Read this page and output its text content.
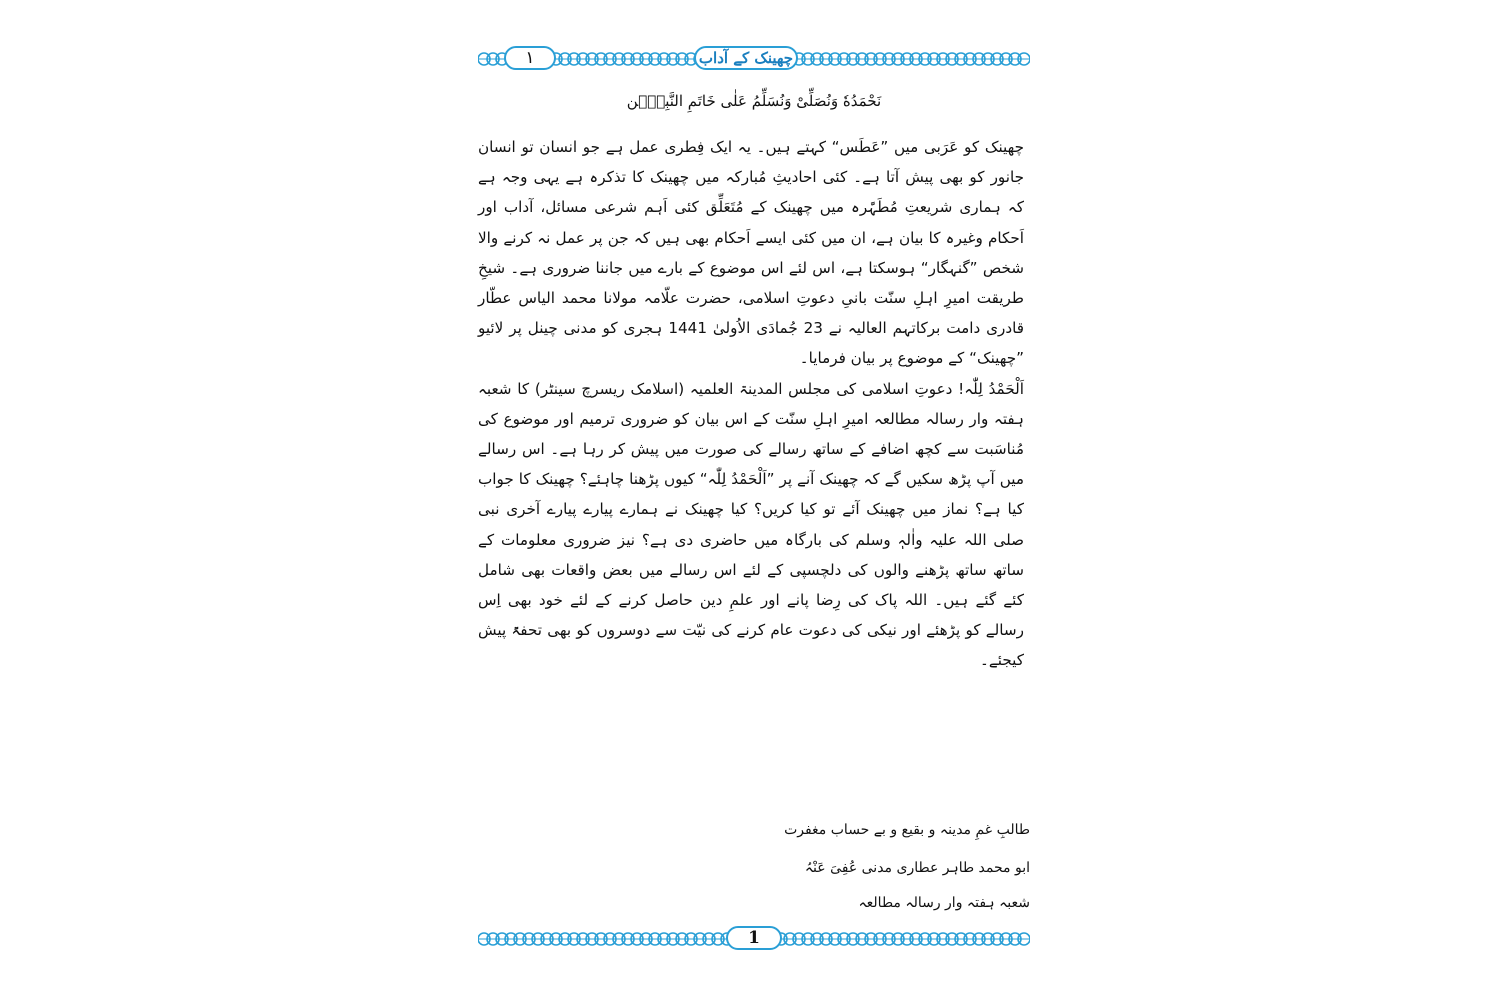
چھینک کے آداب
۱
نَحْمَدُهٗ وَنُصَلِّیْ وَنُسَلِّمُ عَلٰی خَاتَمِ النَّبِیّٖن

چھینک کو عَرَبی میں ”عَطَس“ کہتے ہیں۔ یہ ایک فِطری عمل ہے جو انسان تو انسان جانور کو بھی پیش آتا ہے۔ کئی احادیثِ مُبارکہ میں چھینک کا تذکرہ ہے یہی وجہ ہے کہ ہماری شریعتِ مُطَہَّرہ میں چھینک کے مُتَعَلِّق کئی اَہم شرعی مسائل، آداب اور اَحکام وغیرہ کا بیان ہے، ان میں کئی ایسے اَحکام بھی ہیں کہ جن پر عمل نہ کرنے والا شخص ”گنہگار“ ہوسکتا ہے، اس لئے اس موضوع کے بارے میں جاننا ضروری ہے۔ شیخِ طریقت امیرِ اہلِ سنّت بانیِ دعوتِ اسلامی، حضرت علّامہ مولانا محمد الیاس عطّار قادری دامت برکاتہم العالیہ نے 23 جُمادَی الاُولیٰ 1441 ہجری کو مدنی چینل پر لائیو ”چھینک“ کے موضوع پر بیان فرمایا۔

اَلْحَمْدُ لِلّٰہ! دعوتِ اسلامی کی مجلس المدینۃ العلمیہ (اسلامک ریسرچ سینٹر) کا شعبہ ہفتہ وار رسالہ مطالعہ امیرِ اہلِ سنّت کے اس بیان کو ضروری ترمیم اور موضوع کی مُناسَبت سے کچھ اضافے کے ساتھ رسالے کی صورت میں پیش کر رہا ہے۔ اس رسالے میں آپ پڑھ سکیں گے کہ چھینک آنے پر ”اَلْحَمْدُ لِلّٰہ“ کیوں پڑھنا چاہئے؟ چھینک کا جواب کیا ہے؟ نماز میں چھینک آئے تو کیا کریں؟ کیا چھینک نے ہمارے پیارے پیارے آخری نبی صلی اللہ علیہ واٰلہٖ وسلم کی بارگاہ میں حاضری دی ہے؟ نیز ضروری معلومات کے ساتھ ساتھ پڑھنے والوں کی دلچسپی کے لئے اس رسالے میں بعض واقعات بھی شامل کئے گئے ہیں۔ اللہ پاک کی رِضا پانے اور علمِ دین حاصل کرنے کے لئے خود بھی اِس رسالے کو پڑھئے اور نیکی کی دعوت عام کرنے کی نیّت سے دوسروں کو بھی تحفۃً پیش کیجئے۔

طالبِ غمِ مدینہ و بقیع و بے حساب مغفرت
ابو محمد طاہر عطاری مدنی عُفِیَ عَنْہُ
شعبہ ہفتہ وار رسالہ مطالعہ
1
